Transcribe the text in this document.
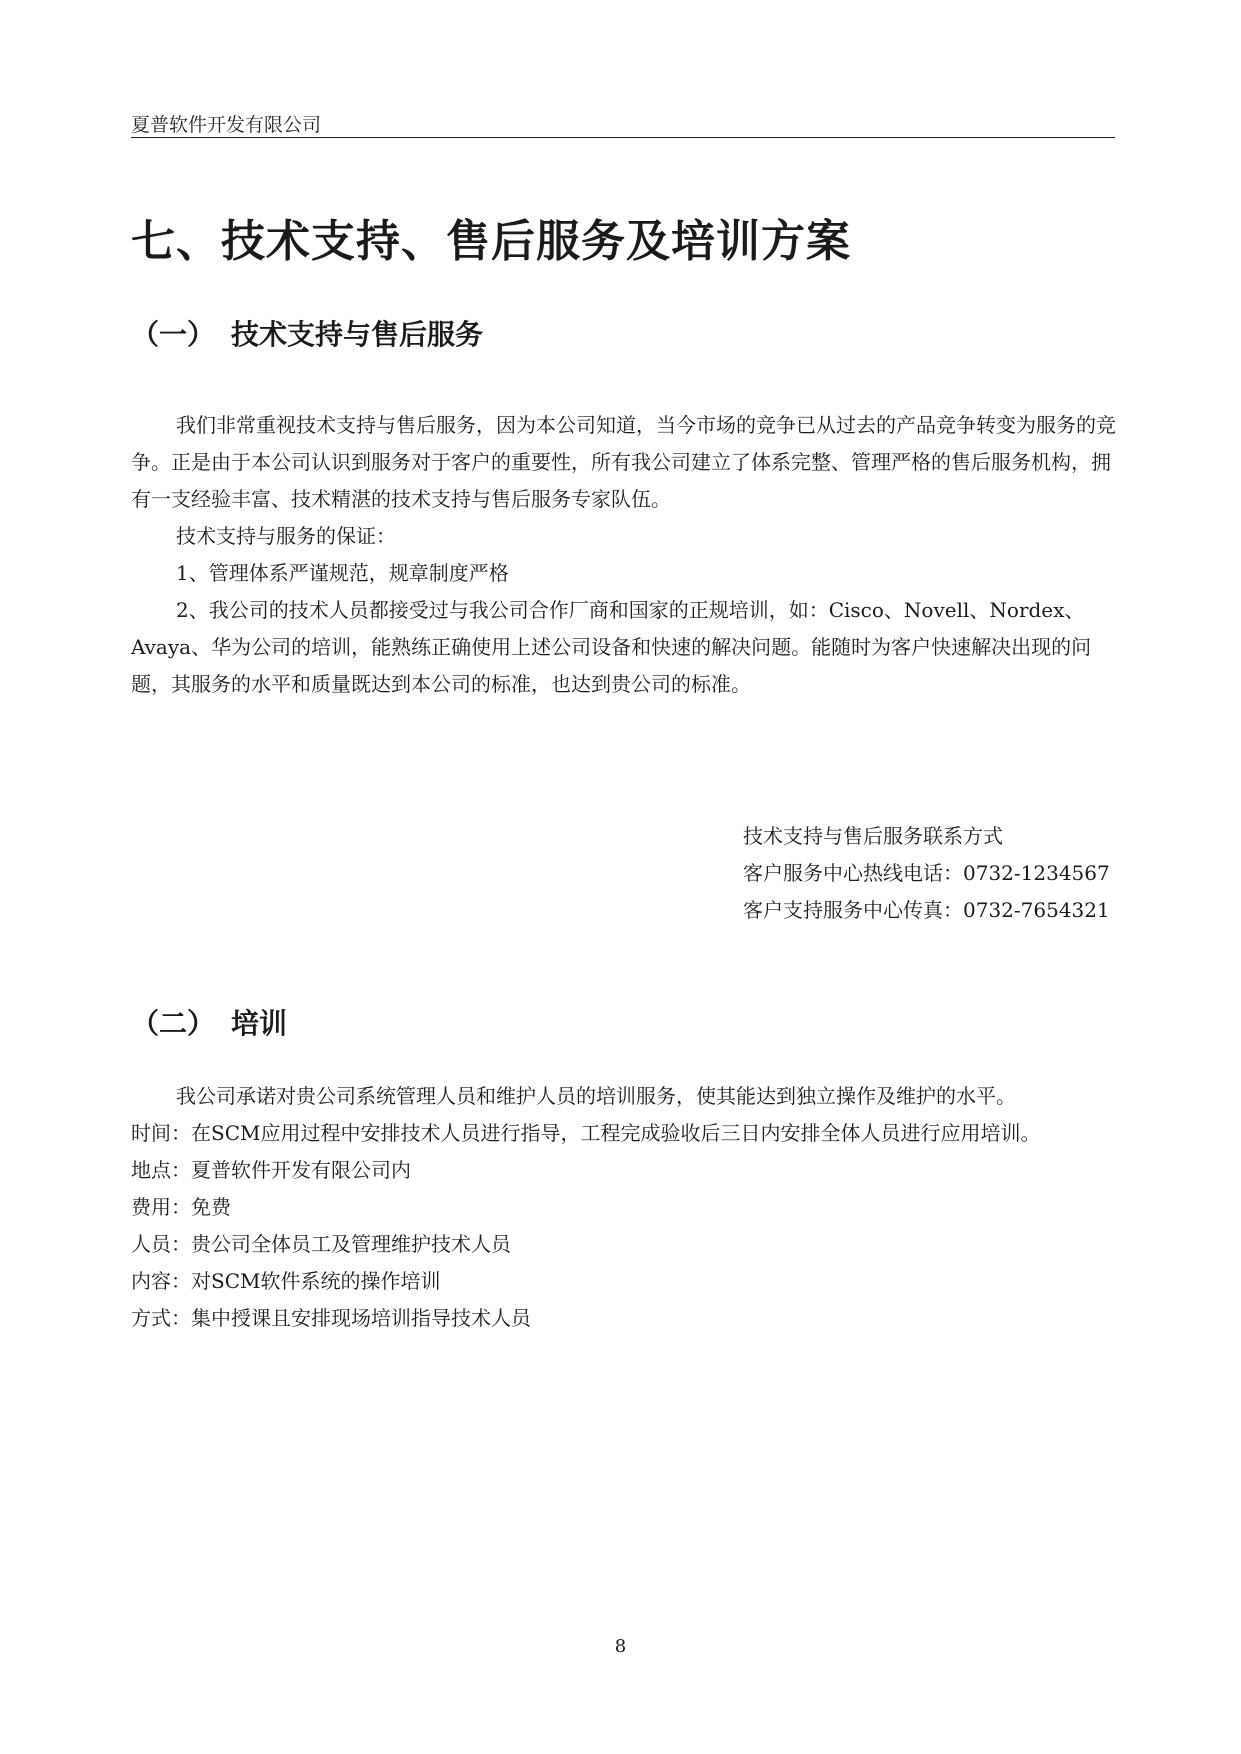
夏普软件开发有限公司
七、技术支持、售后服务及培训方案
（一） 技术支持与售后服务

我们非常重视技术支持与售后服务，因为本公司知道，当今市场的竞争已从过去的产品竞争转变为服务的竞争。正是由于本公司认识到服务对于客户的重要性，所有我公司建立了体系完整、管理严格的售后服务机构，拥有一支经验丰富、技术精湛的技术支持与售后服务专家队伍。

技术支持与服务的保证：

1、管理体系严谨规范，规章制度严格

2、我公司的技术人员都接受过与我公司合作厂商和国家的正规培训，如：Cisco、Novell、Nordex、Avaya、华为公司的培训，能熟练正确使用上述公司设备和快速的解决问题。能随时为客户快速解决出现的问题，其服务的水平和质量既达到本公司的标准，也达到贵公司的标准。

技术支持与售后服务联系方式

客户服务中心热线电话：0732-1234567

客户支持服务中心传真：0732-7654321

（二） 培训

我公司承诺对贵公司系统管理人员和维护人员的培训服务，使其能达到独立操作及维护的水平。

时间：在SCM应用过程中安排技术人员进行指导，工程完成验收后三日内安排全体人员进行应用培训。

地点：夏普软件开发有限公司内

费用：免费

人员：贵公司全体员工及管理维护技术人员

内容：对SCM软件系统的操作培训

方式：集中授课且安排现场培训指导技术人员

8
